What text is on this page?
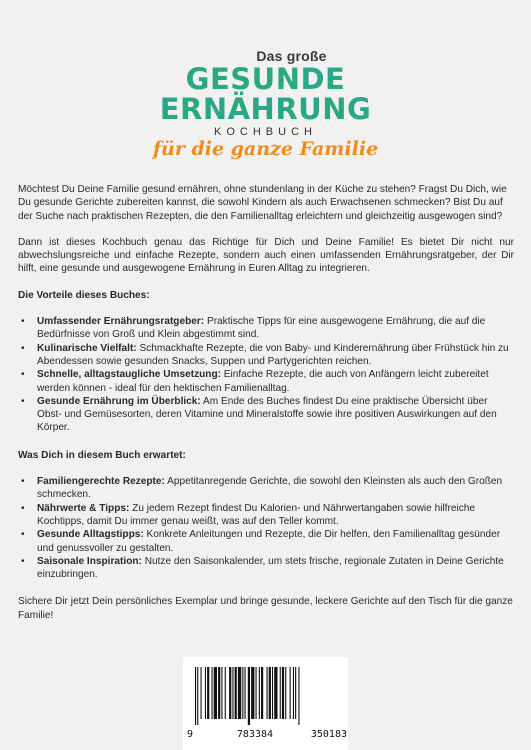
Das große
GESUNDE
ERNÄHRUNG
KOCHBUCH
für die ganze Familie

Möchtest Du Deine Familie gesund ernähren, ohne stundenlang in der Küche zu stehen? Fragst Du Dich, wie Du gesunde Gerichte zubereiten kannst, die sowohl Kindern als auch Erwachsenen schmecken? Bist Du auf der Suche nach praktischen Rezepten, die den Familienalltag erleichtern und gleichzeitig ausgewogen sind?

Dann ist dieses Kochbuch genau das Richtige für Dich und Deine Familie! Es bietet Dir nicht nur abwechslungsreiche und einfache Rezepte, sondern auch einen umfassenden Ernährungsratgeber, der Dir hilft, eine gesunde und ausgewogene Ernährung in Euren Alltag zu integrieren.

Die Vorteile dieses Buches:

• Umfassender Ernährungsratgeber: Praktische Tipps für eine ausgewogene Ernährung, die auf die Bedürfnisse von Groß und Klein abgestimmt sind.
• Kulinarische Vielfalt: Schmackhafte Rezepte, die von Baby- und Kinderernährung über Frühstück hin zu Abendessen sowie gesunden Snacks, Suppen und Partygerichten reichen.
• Schnelle, alltagstaugliche Umsetzung: Einfache Rezepte, die auch von Anfängern leicht zubereitet werden können - ideal für den hektischen Familienalltag.
• Gesunde Ernährung im Überblick: Am Ende des Buches findest Du eine praktische Übersicht über Obst- und Gemüsesorten, deren Vitamine und Mineralstoffe sowie ihre positiven Auswirkungen auf den Körper.

Was Dich in diesem Buch erwartet:

• Familiengerechte Rezepte: Appetitanregende Gerichte, die sowohl den Kleinsten als auch den Großen schmecken.
• Nährwerte & Tipps: Zu jedem Rezept findest Du Kalorien- und Nährwertangaben sowie hilfreiche Kochtipps, damit Du immer genau weißt, was auf den Teller kommt.
• Gesunde Alltagstipps: Konkrete Anleitungen und Rezepte, die Dir helfen, den Familienalltag gesünder und genussvoller zu gestalten.
• Saisonale Inspiration: Nutze den Saisonkalender, um stets frische, regionale Zutaten in Deine Gerichte einzubringen.

Sichere Dir jetzt Dein persönliches Exemplar und bringe gesunde, leckere Gerichte auf den Tisch für die ganze Familie!

9	783384	350183
